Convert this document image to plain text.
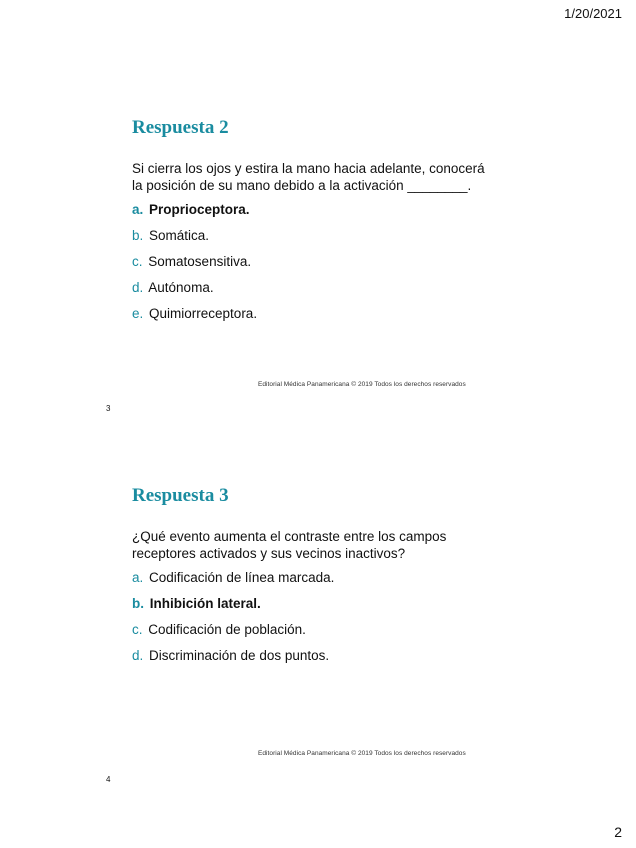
1/20/2021
Respuesta 2
Si cierra los ojos y estira la mano hacia adelante, conocerá
la posición de su mano debido a la activación ________.
a. Proprioceptora.
b. Somática.
c. Somatosensitiva.
d. Autónoma.
e. Quimiorreceptora.
Editorial Médica Panamericana © 2019 Todos los derechos reservados
3
Respuesta 3
¿Qué evento aumenta el contraste entre los campos
receptores activados y sus vecinos inactivos?
a. Codificación de línea marcada.
b. Inhibición lateral.
c. Codificación de población.
d. Discriminación de dos puntos.
Editorial Médica Panamericana © 2019 Todos los derechos reservados
4
2
